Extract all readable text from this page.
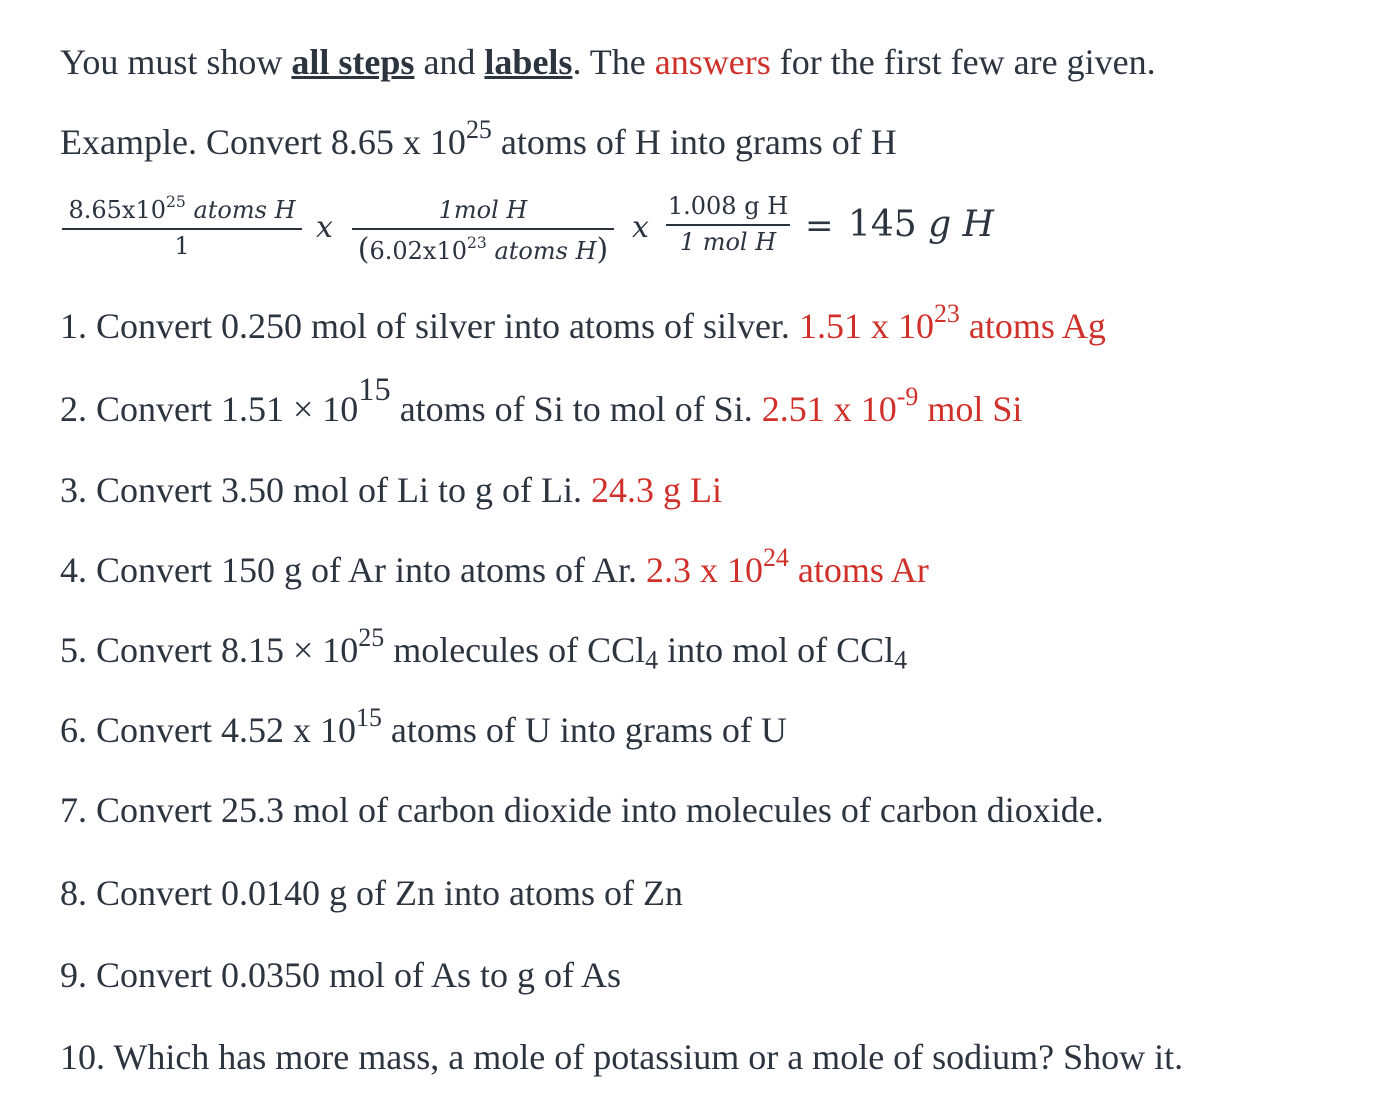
You must show all steps and labels. The answers for the first few are given.
Example. Convert 8.65 x $10^{25}$ atoms of H into grams of H
$8.65x10^{25}$ atoms H
1
x	1mol H
($6.02x10^{23}$ atoms H)
x
1.008 g H
1 mol H = 145 g H
1. Convert 0.250 mol of silver into atoms of silver. 1.51 x $10^{23}$ atoms Ag
2. Convert $1.51 \times 10^{15}$ atoms of Si to mol of Si. 2.51 x $10^{-9}$ mol Si
3. Convert 3.50 mol of Li to g of Li. 24.3 g Li
4. Convert 150 g of Ar into atoms of Ar. 2.3 x $10^{24}$ atoms Ar
5. Convert $8.15 \times 10^{25}$ molecules of CCl$_4$ into mol of CCl$_4$
6. Convert 4.52 x $10^{15}$ atoms of U into grams of U
7. Convert 25.3 mol of carbon dioxide into molecules of carbon dioxide.
8. Convert 0.0140 g of Zn into atoms of Zn
9. Convert 0.0350 mol of As to g of As
10. Which has more mass, a mole of potassium or a mole of sodium? Show it.
